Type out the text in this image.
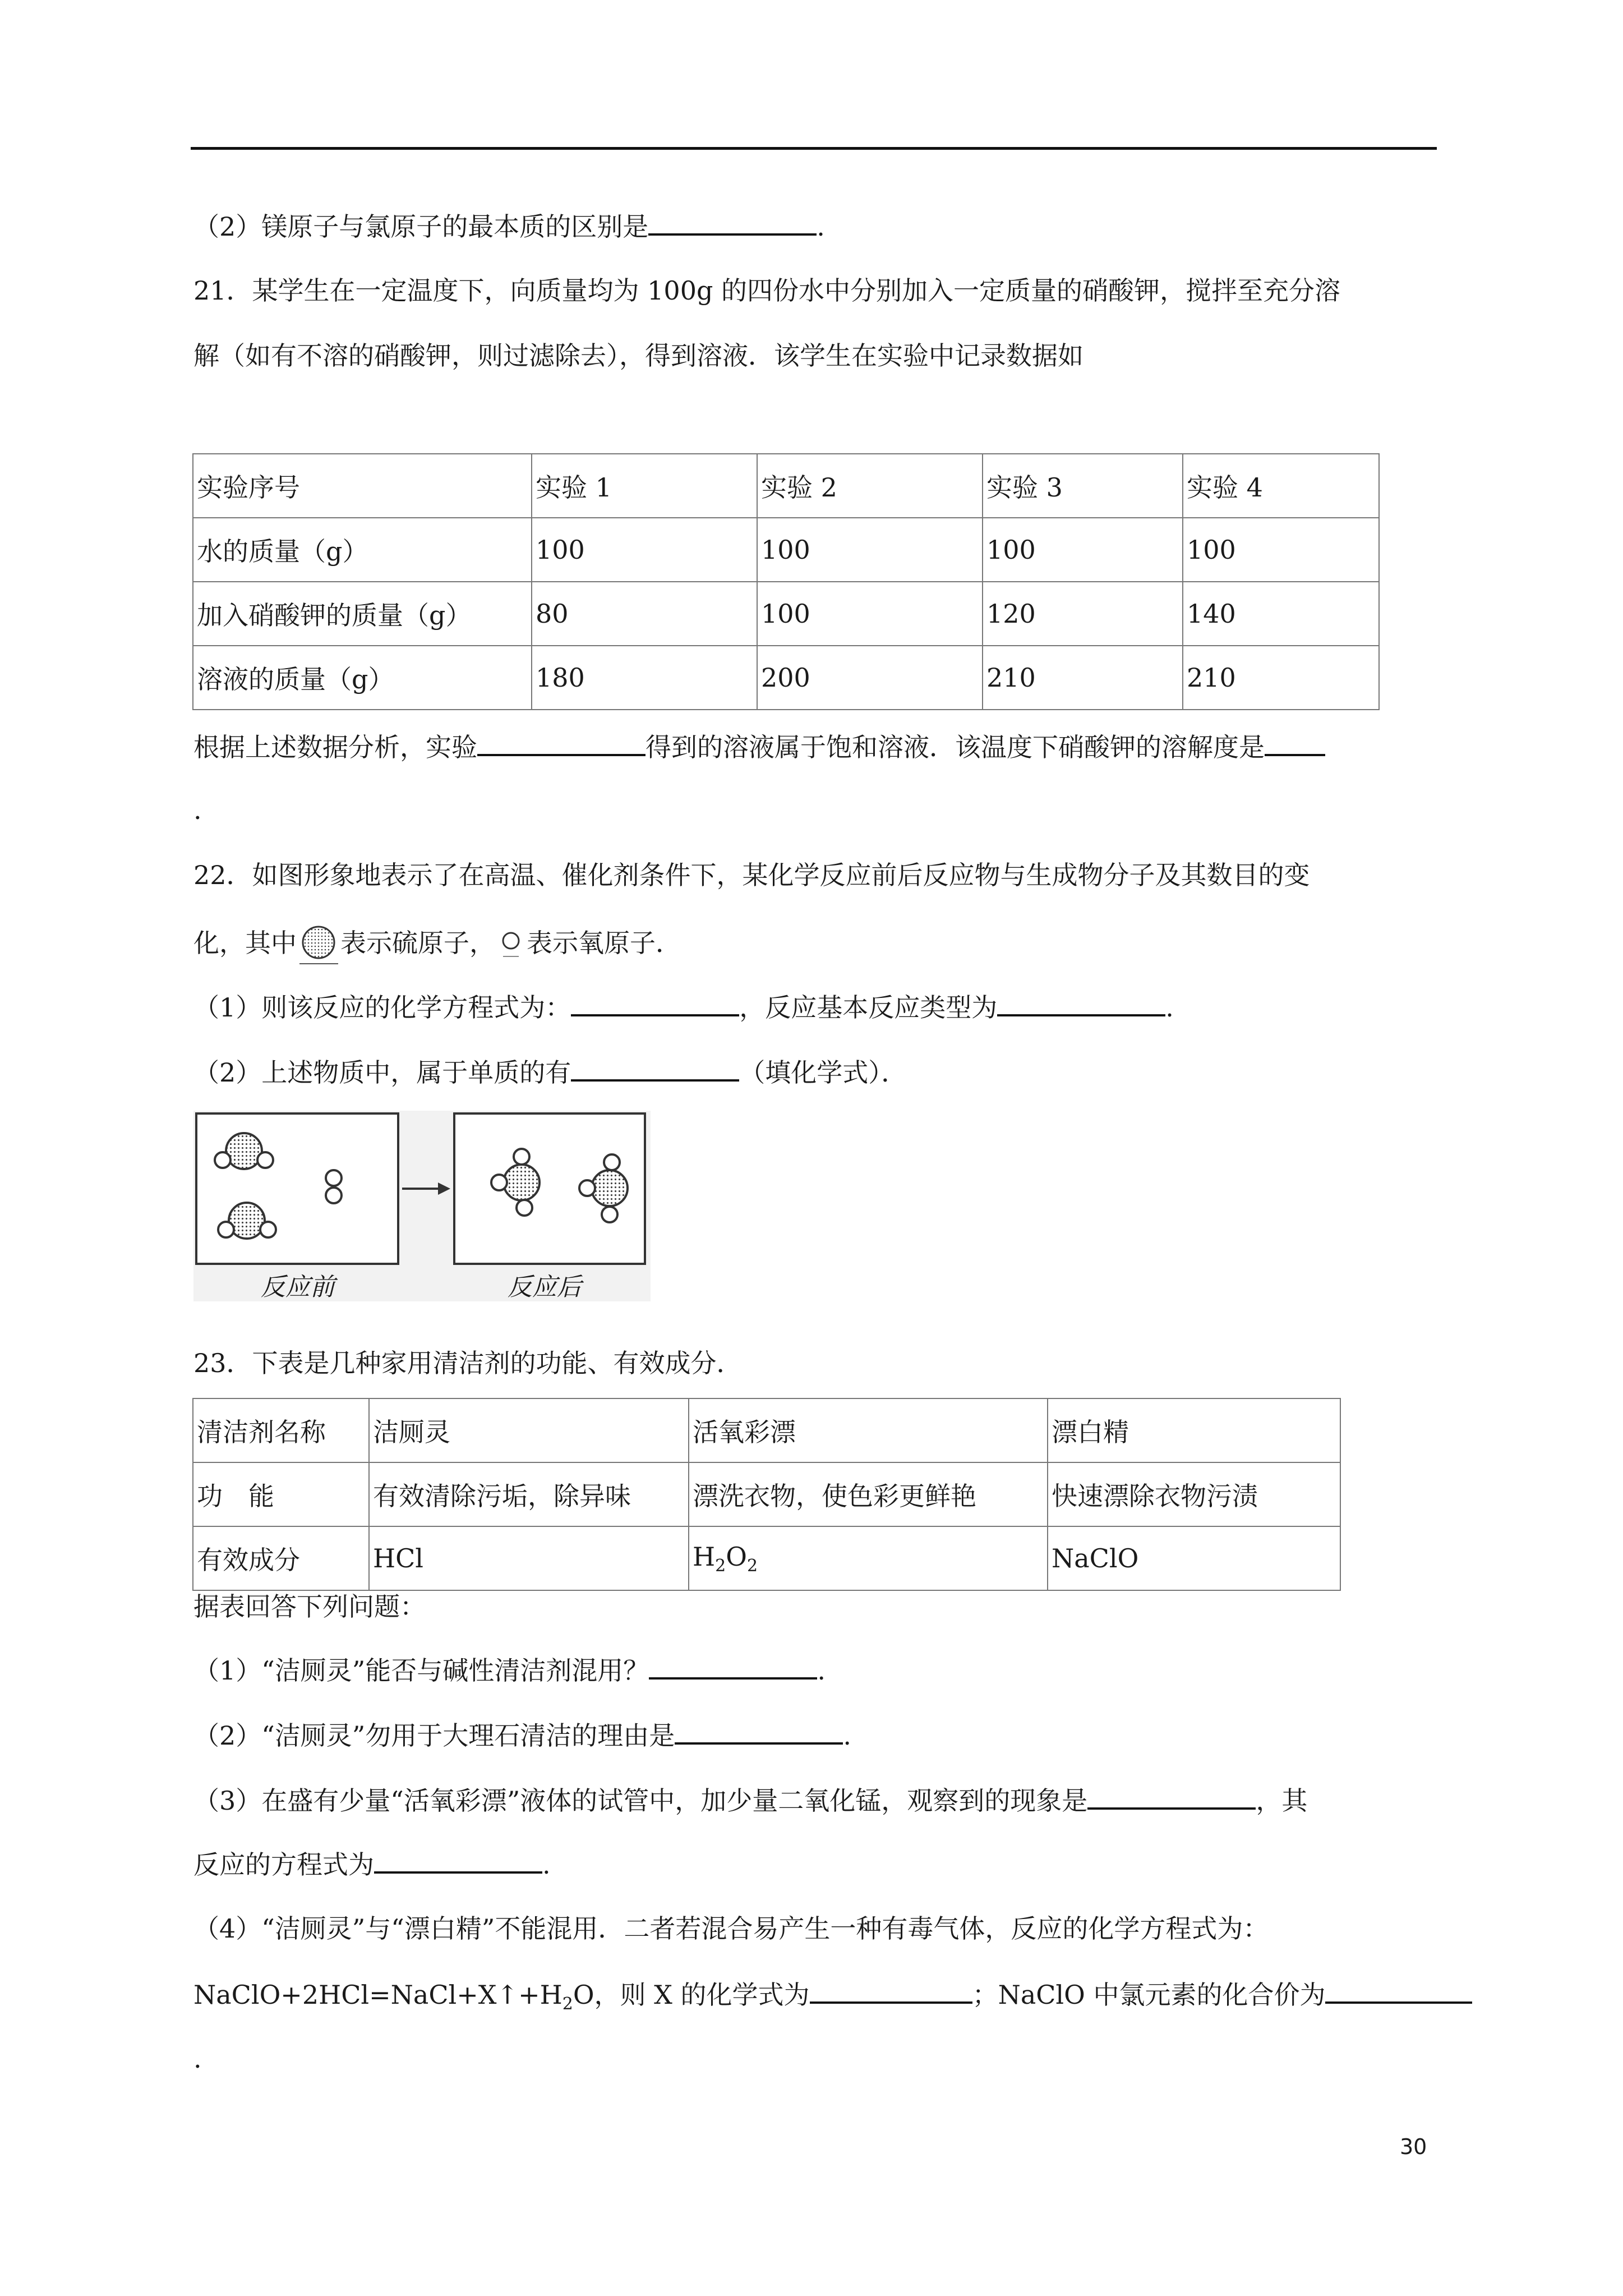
（2）镁原子与氯原子的最本质的区别是	.
21．某学生在一定温度下，向质量均为 100g 的四份水中分别加入一定质量的硝酸钾，搅拌至充分溶
解（如有不溶的硝酸钾，则过滤除去），得到溶液．该学生在实验中记录数据如
实验序号	实验 1	实验 2	实验 3	实验 4
水的质量（g）	100	100	100	100
加入硝酸钾的质量（g）	80	100	120	140
溶液的质量（g）	180	200	210	210
根据上述数据分析，实验	得到的溶液属于饱和溶液．该温度下硝酸钾的溶解度是
.
22．如图形象地表示了在高温、催化剂条件下，某化学反应前后反应物与生成物分子及其数目的变
化，其中 表示硫原子， 表示氧原子．
（1）则该反应的化学方程式为：	，反应基本反应类型为	.
（2）上述物质中，属于单质的有	（填化学式）．
反应前	反应后
23．下表是几种家用清洁剂的功能、有效成分．
清洁剂名称	洁厕灵	活氧彩漂	漂白精
功　能	有效清除污垢，除异味	漂洗衣物，使色彩更鲜艳	快速漂除衣物污渍
有效成分	HCl	$H_2O_2$	NaClO
据表回答下列问题：
（1）“洁厕灵”能否与碱性清洁剂混用？	.
（2）“洁厕灵”勿用于大理石清洁的理由是	.
（3）在盛有少量“活氧彩漂”液体的试管中，加少量二氧化锰，观察到的现象是	，其
反应的方程式为	.
（4）“洁厕灵”与“漂白精”不能混用．二者若混合易产生一种有毒气体，反应的化学方程式为：
$NaClO+2HCl=NaCl+X↑+H_2O$，则 X 的化学式为	；NaClO 中氯元素的化合价为
.
30
